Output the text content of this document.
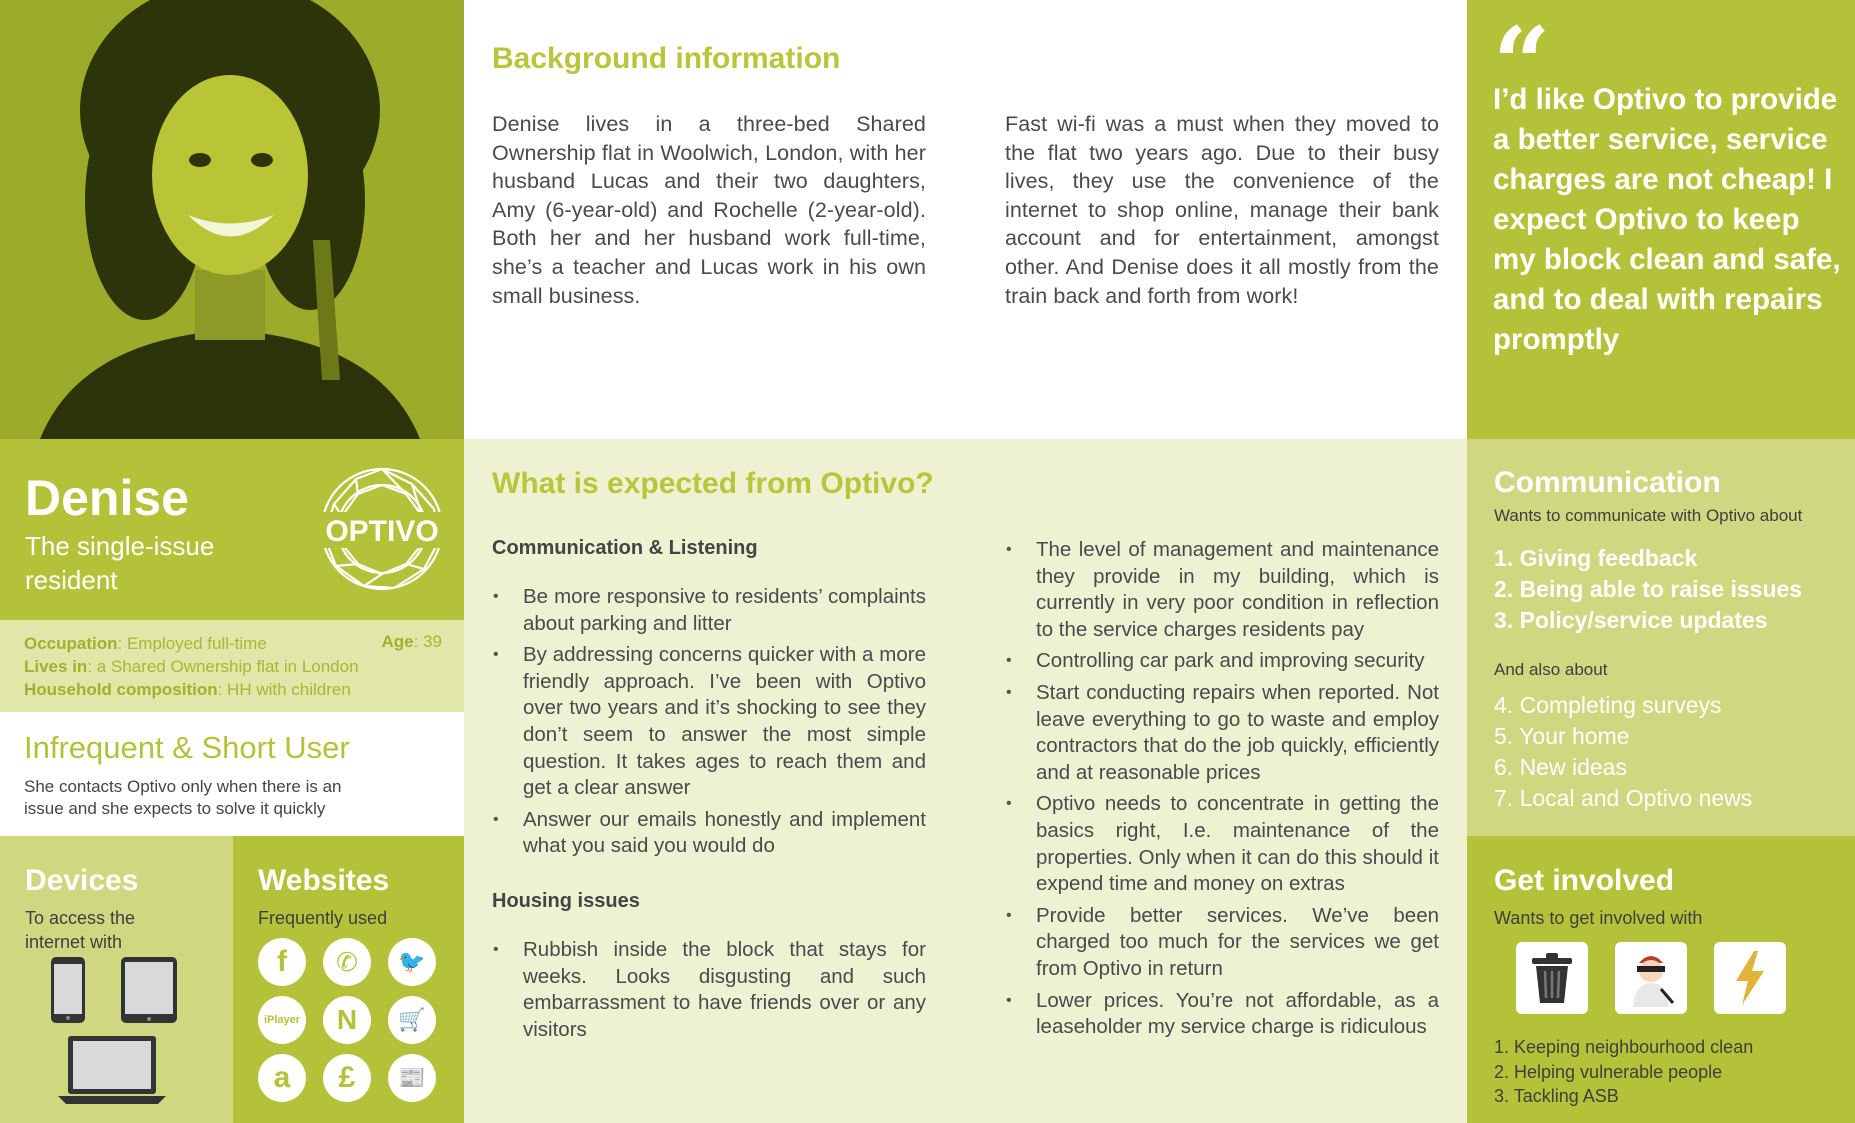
Background information
Denise lives in a three-bed Shared Ownership flat in Woolwich, London, with her husband Lucas and their two daughters, Amy (6-year-old) and Rochelle (2-year-old). Both her and her husband work full-time, she’s a teacher and Lucas work in his own small business.
Fast wi-fi was a must when they moved to the flat two years ago. Due to their busy lives, they use the convenience of the internet to shop online, manage their bank account and for entertainment, amongst other. And Denise does it all mostly from the train back and forth from work!
“
I’d like Optivo to provide a better service, service charges are not cheap! I expect Optivo to keep my block clean and safe, and to deal with repairs promptly
Denise
The single-issue resident
OPTIVO
Occupation: Employed full-time
Lives in: a Shared Ownership flat in London
Household composition: HH with children
Age: 39
Infrequent & Short User
She contacts Optivo only when there is an issue and she expects to solve it quickly
Devices
To access the internet with
Websites
Frequently used
f	✆	🐦
iPlayer	N	🛒
a	£	📰
What is expected from Optivo?
Communication & Listening
• Be more responsive to residents’ complaints about parking and litter
• By addressing concerns quicker with a more friendly approach. I’ve been with Optivo over two years and it’s shocking to see they don’t seem to answer the most simple question. It takes ages to reach them and get a clear answer
• Answer our emails honestly and implement what you said you would do
Housing issues
• Rubbish inside the block that stays for weeks. Looks disgusting and such embarrassment to have friends over or any visitors
• The level of management and maintenance they provide in my building, which is currently in very poor condition in reflection to the service charges residents pay
• Controlling car park and improving security
• Start conducting repairs when reported. Not leave everything to go to waste and employ contractors that do the job quickly, efficiently and at reasonable prices
• Optivo needs to concentrate in getting the basics right, I.e. maintenance of the properties. Only when it can do this should it expend time and money on extras
• Provide better services. We’ve been charged too much for the services we get from Optivo in return
• Lower prices. You’re not affordable, as a leaseholder my service charge is ridiculous
Communication
Wants to communicate with Optivo about
1. Giving feedback
2. Being able to raise issues
3. Policy/service updates
And also about
4. Completing surveys
5. Your home
6. New ideas
7. Local and Optivo news
Get involved
Wants to get involved with
1. Keeping neighbourhood clean
2. Helping vulnerable people
3. Tackling ASB
